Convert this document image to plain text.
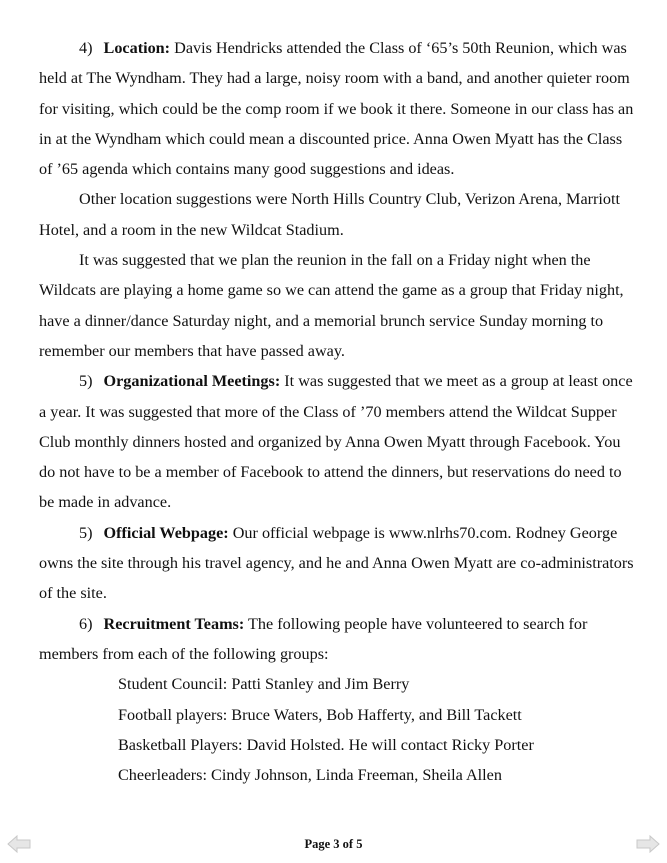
4) Location: Davis Hendricks attended the Class of ‘65’s 50th Reunion, which was held at The Wyndham. They had a large, noisy room with a band, and another quieter room for visiting, which could be the comp room if we book it there. Someone in our class has an in at the Wyndham which could mean a discounted price. Anna Owen Myatt has the Class of ’65 agenda which contains many good suggestions and ideas.

Other location suggestions were North Hills Country Club, Verizon Arena, Marriott Hotel, and a room in the new Wildcat Stadium.

It was suggested that we plan the reunion in the fall on a Friday night when the Wildcats are playing a home game so we can attend the game as a group that Friday night, have a dinner/dance Saturday night, and a memorial brunch service Sunday morning to remember our members that have passed away.

5) Organizational Meetings: It was suggested that we meet as a group at least once a year. It was suggested that more of the Class of ’70 members attend the Wildcat Supper Club monthly dinners hosted and organized by Anna Owen Myatt through Facebook. You do not have to be a member of Facebook to attend the dinners, but reservations do need to be made in advance.

5) Official Webpage: Our official webpage is www.nlrhs70.com. Rodney George owns the site through his travel agency, and he and Anna Owen Myatt are co-administrators of the site.

6) Recruitment Teams: The following people have volunteered to search for members from each of the following groups:

Student Council: Patti Stanley and Jim Berry
Football players: Bruce Waters, Bob Hafferty, and Bill Tackett
Basketball Players: David Holsted. He will contact Ricky Porter
Cheerleaders: Cindy Johnson, Linda Freeman, Sheila Allen
Page 3 of 5
